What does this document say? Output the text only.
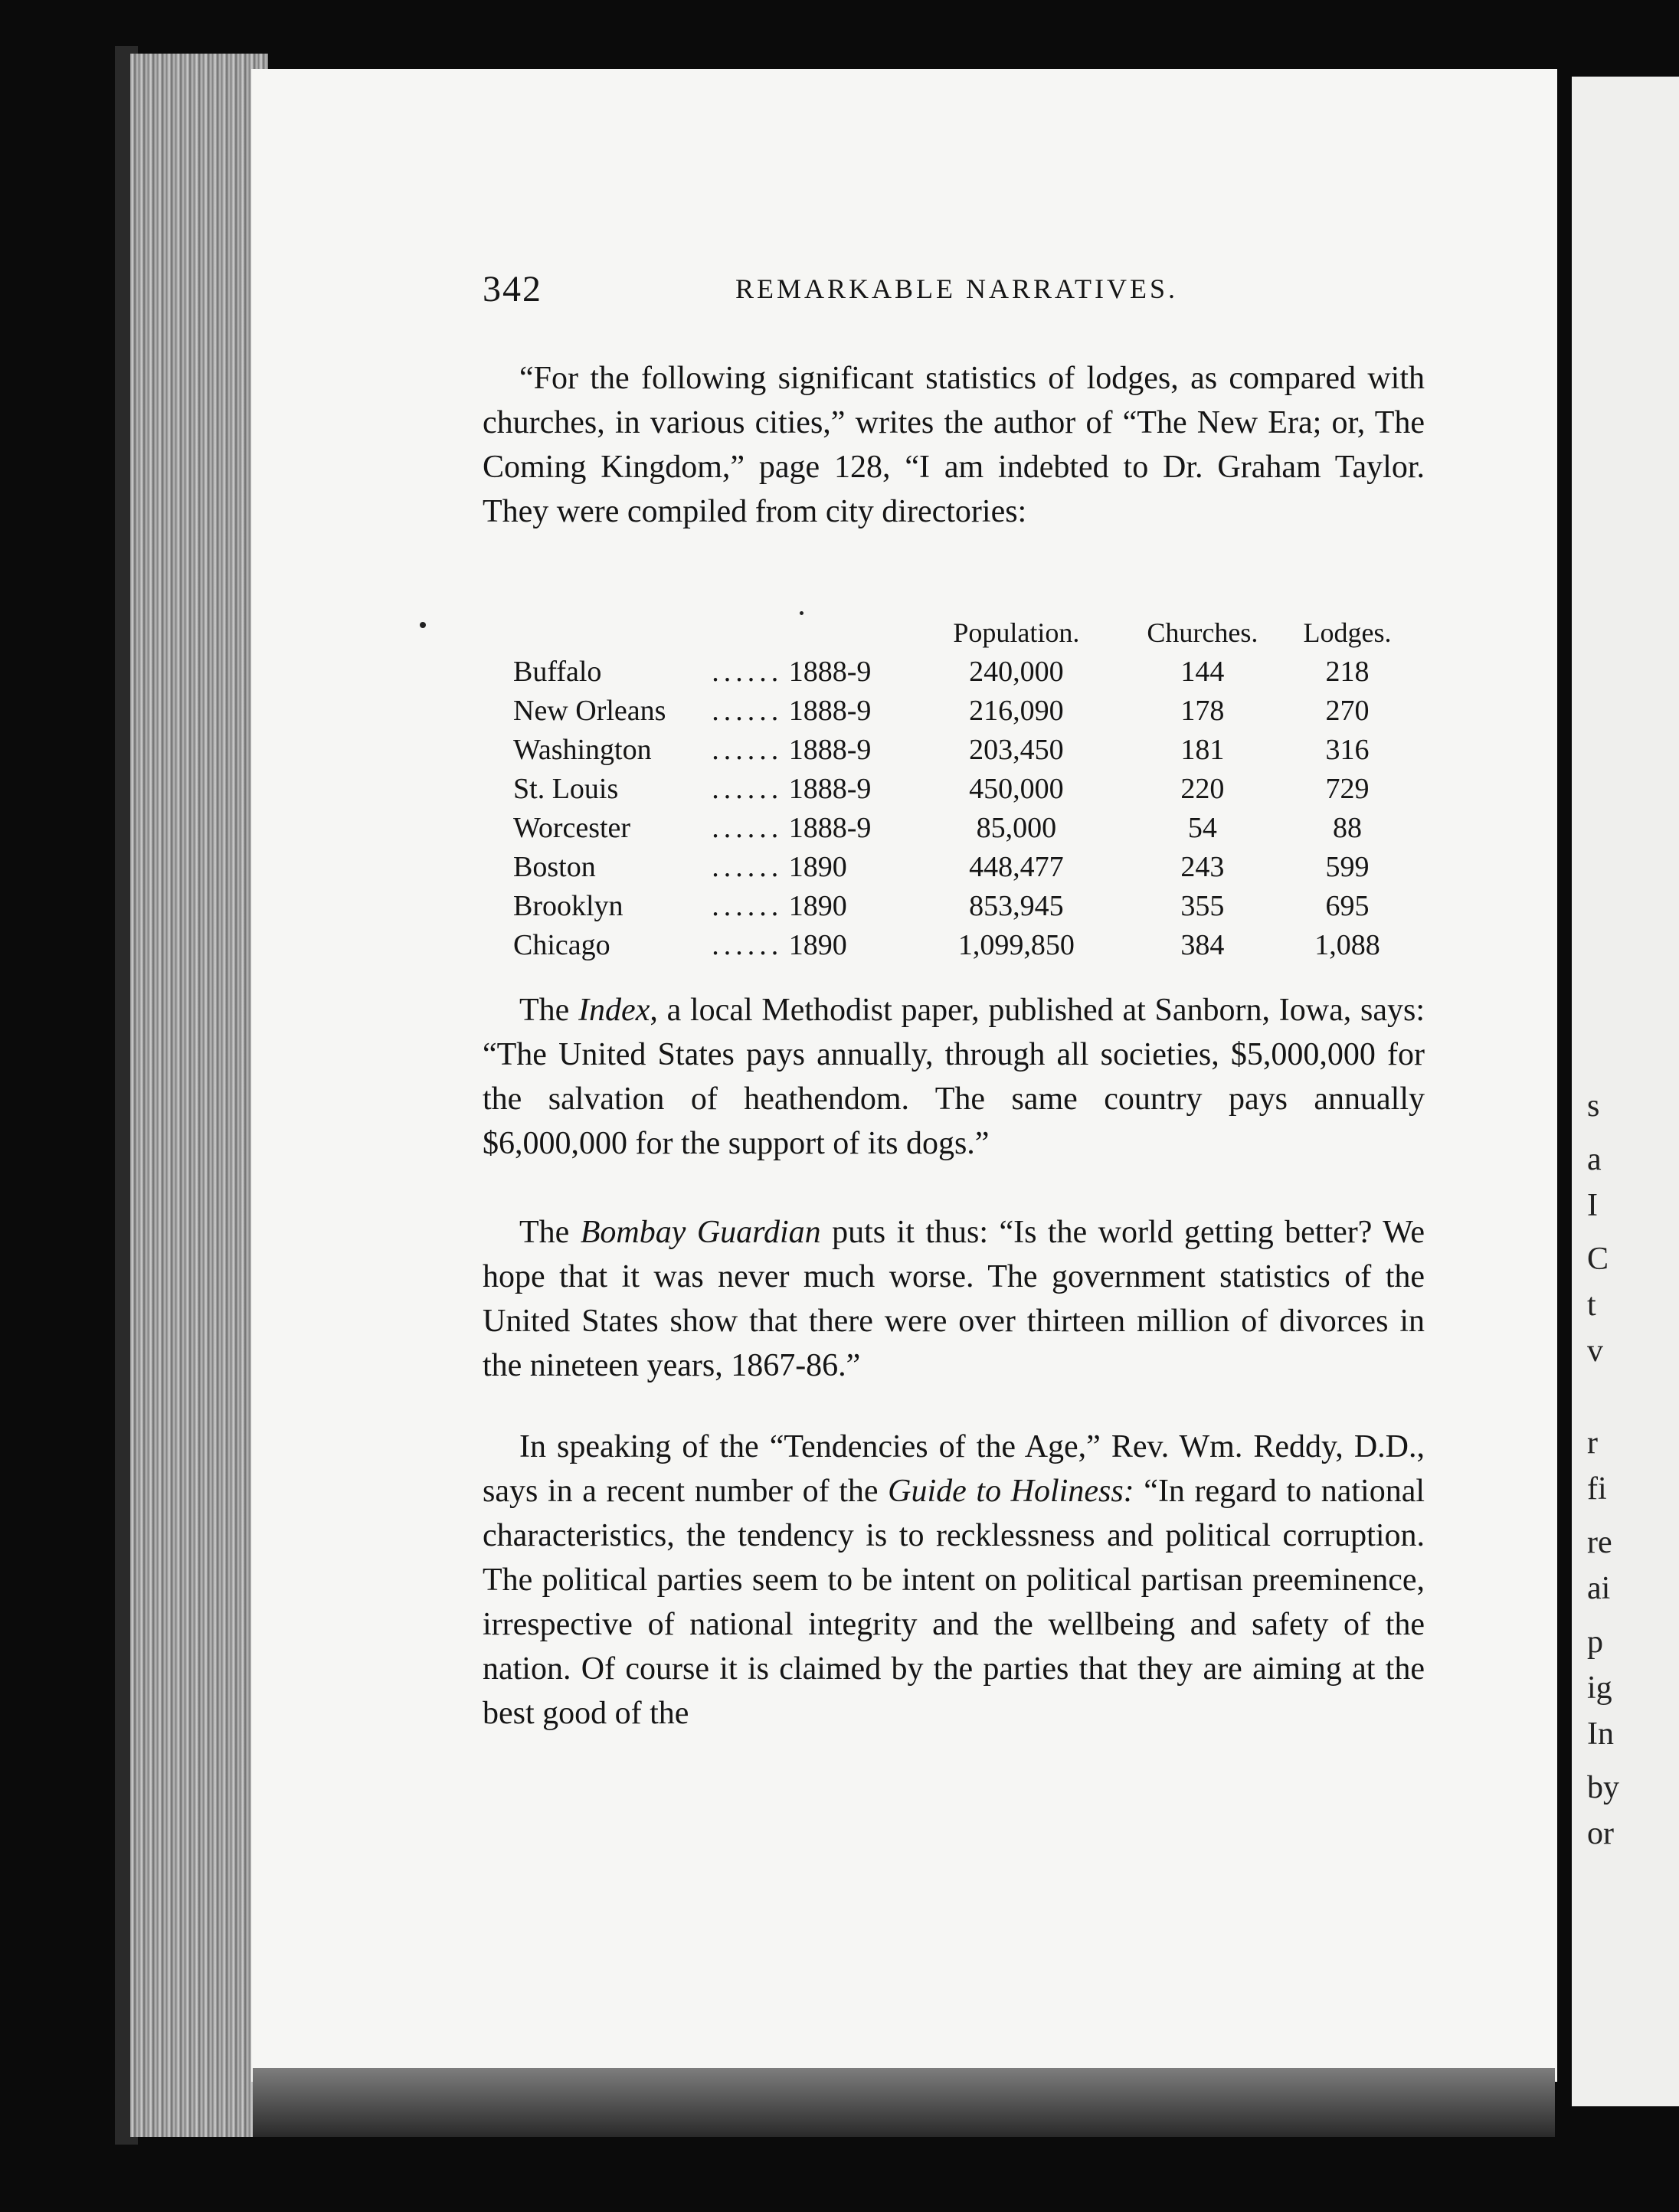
s
a
I
C
t
v
r
fi
re
ai
p
ig
In
by
or
342	REMARKABLE NARRATIVES.

“For the following significant statistics of lodges, as compared with churches, in various cities,” writes the author of “The New Era; or, The Coming Kingdom,” page 128, “I am indebted to Dr. Graham Taylor. They were compiled from city directories:

			Population.	Churches.	Lodges.
Buffalo	......	1888-9	240,000	144	218
New Orleans	......	1888-9	216,090	178	270
Washington	......	1888-9	203,450	181	316
St. Louis	......	1888-9	450,000	220	729
Worcester	......	1888-9	85,000	54	88
Boston	......	1890	448,477	243	599
Brooklyn	......	1890	853,945	355	695
Chicago	......	1890	1,099,850	384	1,088

The Index, a local Methodist paper, published at Sanborn, Iowa, says: “The United States pays annually, through all societies, $5,000,000 for the salvation of heathendom. The same country pays annually $6,000,000 for the support of its dogs.”

The Bombay Guardian puts it thus: “Is the world getting better? We hope that it was never much worse. The government statistics of the United States show that there were over thirteen million of divorces in the nineteen years, 1867-86.”

In speaking of the “Tendencies of the Age,” Rev. Wm. Reddy, D.D., says in a recent number of the Guide to Holiness: “In regard to national characteristics, the tendency is to recklessness and political corruption. The political parties seem to be intent on political partisan preeminence, irrespective of national integrity and the wellbeing and safety of the nation. Of course it is claimed by the parties that they are aiming at the best good of the
